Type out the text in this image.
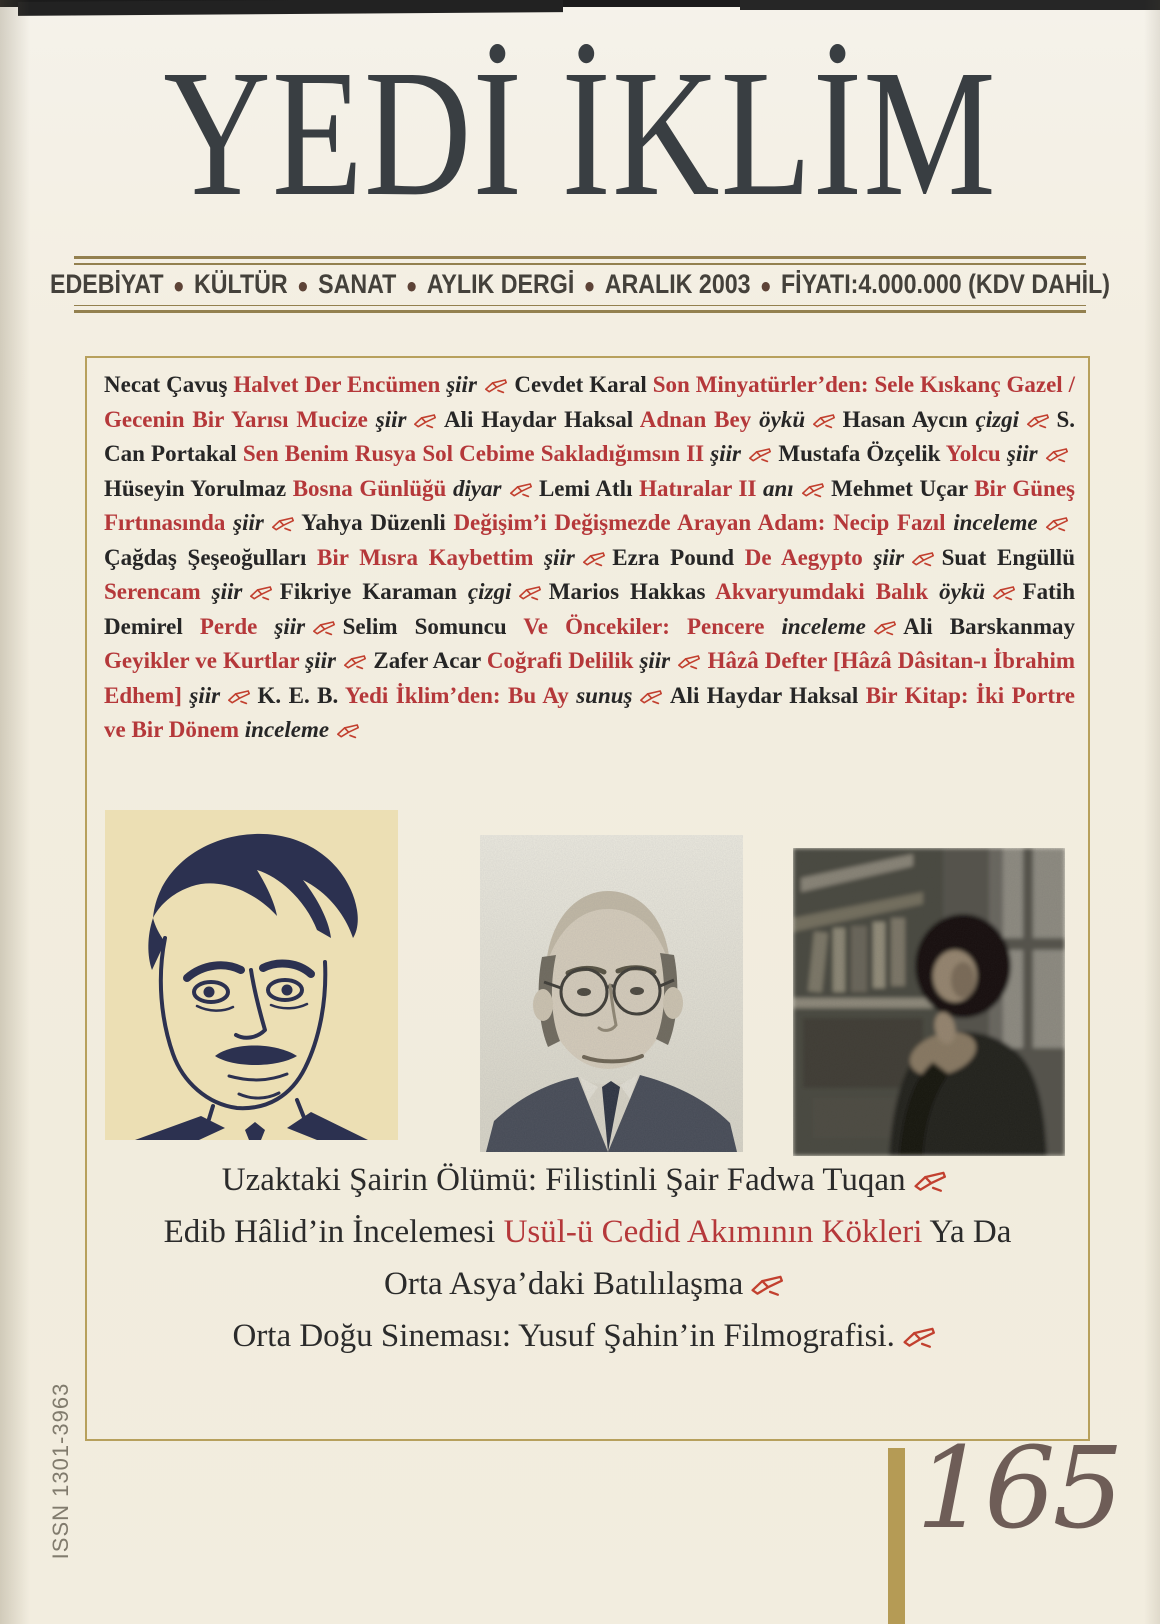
YEDİ İKLİM
EDEBİYAT ● KÜLTÜR ● SANAT ● AYLIK DERGİ ● ARALIK 2003 ● FİYATI:4.000.000 (KDV DAHİL)
Necat Çavuş Halvet Der Encümen şiir Cevdet Karal Son Minyatürler’den: Sele Kıskanç Gazel / Gecenin Bir Yarısı Mucize şiir Ali Haydar Haksal Adnan Bey öykü Hasan Aycın çizgi S. Can Portakal Sen Benim Rusya Sol Cebime Sakladığımsın II şiir Mustafa Özçelik Yolcu şiirHüseyin Yorulmaz Bosna Günlüğü diyar Lemi Atlı Hatıralar II anı Mehmet Uçar Bir Güneş Fırtınasında şiir Yahya Düzenli Değişim’i Değişmezde Arayan Adam: Necip Fazıl incelemeÇağdaş Şeşeoğulları Bir Mısra Kaybettim şiir Ezra Pound De Aegypto şiir Suat Engüllü Serencam şiir Fikriye Karaman çizgi Marios Hakkas Akvaryumdaki Balık öykü Fatih Demirel Perde şiir Selim Somuncu Ve Öncekiler: Pencere inceleme Ali Barskanmay Geyikler ve Kurtlar şiir Zafer Acar Coğrafi Delilik şiir Hâzâ Defter [Hâzâ Dâsitan-ı İbrahim Edhem] şiir K. E. B. Yedi İklim’den: Bu Ay sunuş Ali Haydar Haksal Bir Kitap: İki Portre ve Bir Dönem inceleme
Uzaktaki Şairin Ölümü: Filistinli Şair Fadwa Tuqan
Edib Hâlid’in İncelemesi Usül-ü Cedid Akımının Kökleri Ya Da
Orta Asya’daki Batılılaşma
Orta Doğu Sineması: Yusuf Şahin’in Filmografisi.
ISSN 1301-3963	165
